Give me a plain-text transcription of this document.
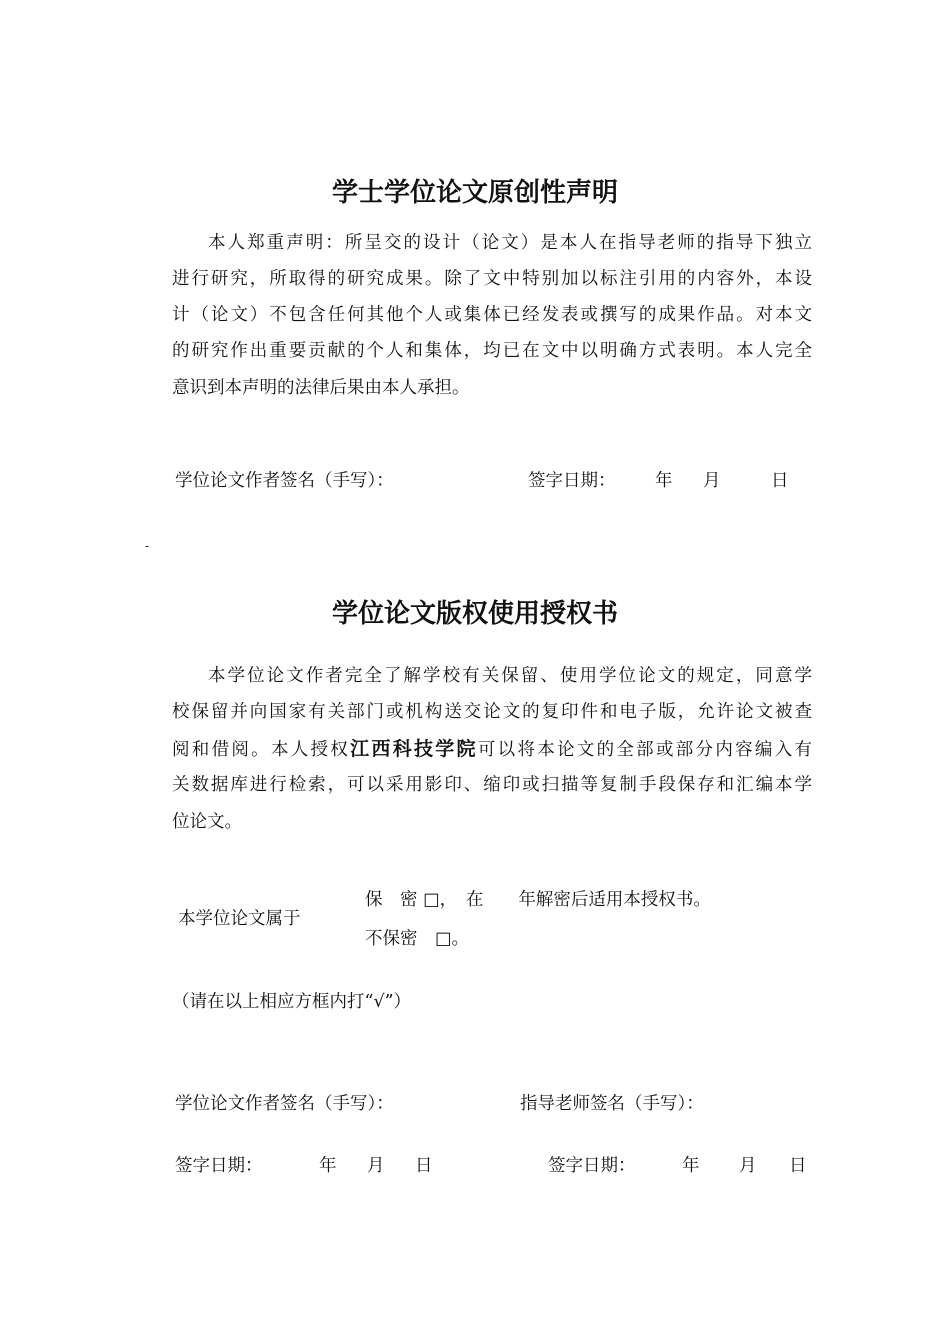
学士学位论文原创性声明
本人郑重声明：所呈交的设计（论文）是本人在指导老师的指导下独立
进行研究，所取得的研究成果。除了文中特别加以标注引用的内容外，本设
计（论文）不包含任何其他个人或集体已经发表或撰写的成果作品。对本文
的研究作出重要贡献的个人和集体，均已在文中以明确方式表明。本人完全
意识到本声明的法律后果由本人承担。
学位论文作者签名（手写）：	签字日期： 年 月	日
-
学位论文版权使用授权书
本学位论文作者完全了解学校有关保留、使用学位论文的规定，同意学
校保留并向国家有关部门或机构送交论文的复印件和电子版，允许论文被查
阅和借阅。本人授权江西科技学院可以将本论文的全部或部分内容编入有
关数据库进行检索，可以采用影印、缩印或扫描等复制手段保存和汇编本学
位论文。
本学位论文属于
保　密 □，　在　　年解密后适用本授权书。
不保密　□。
（请在以上相应方框内打“√”）
学位论文作者签名（手写）：	指导老师签名（手写）：
签字日期：	年 月 日	签字日期：	年 月 日
